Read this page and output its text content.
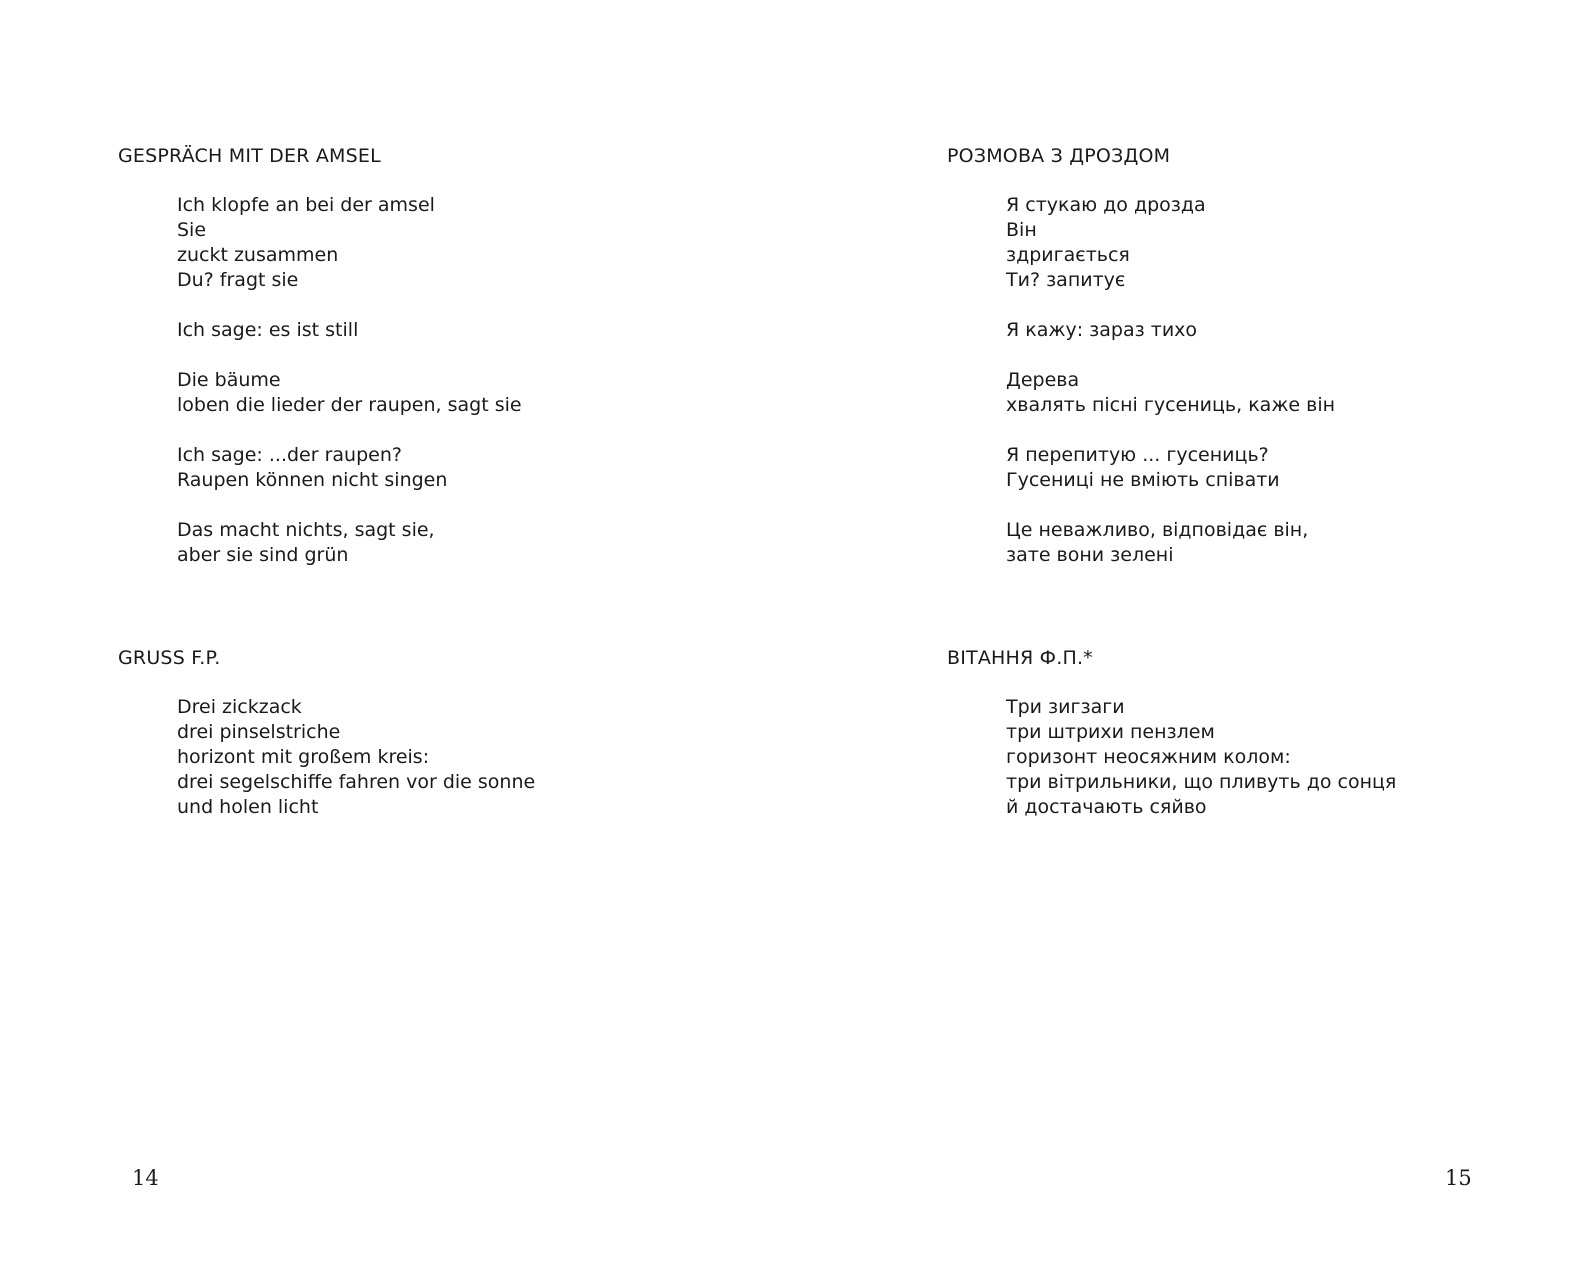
GESPRÄCH MIT DER AMSEL
Ich klopfe an bei der amsel
Sie
zuckt zusammen
Du? fragt sie
Ich sage: es ist still
Die bäume
loben die lieder der raupen, sagt sie
Ich sage: ...der raupen?
Raupen können nicht singen
Das macht nichts, sagt sie,
aber sie sind grün
GRUSS F.P.
Drei zickzack
drei pinselstriche
horizont mit großem kreis:
drei segelschiffe fahren vor die sonne
und holen licht
14
РОЗМОВА З ДРОЗДОМ
Я стукаю до дрозда
Він
здригається
Ти? запитує
Я кажу: зараз тихо
Дерева
хвалять пісні гусениць, каже він
Я перепитую ... гусениць?
Гусениці не вміють співати
Це неважливо, відповідає він,
зате вони зелені
ВІТАННЯ Ф.П.*
Три зигзаги
три штрихи пензлем
горизонт неосяжним колом:
три вітрильники, що пливуть до сонця
й достачають сяйво
15
